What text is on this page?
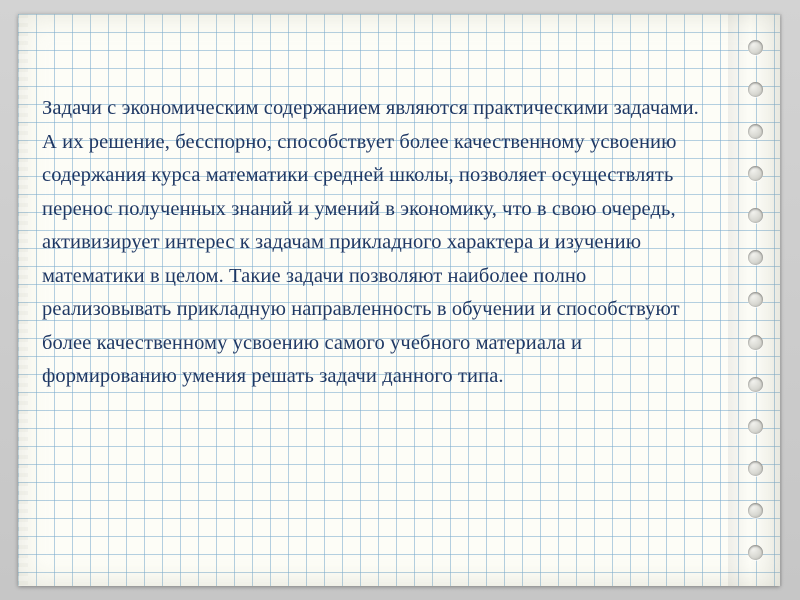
Задачи с экономическим содержанием являются практическими задачами. А их решение, бесспорно, способствует более качественному усвоению содержания курса математики средней школы, позволяет осуществлять перенос полученных знаний и умений в экономику, что в свою очередь, активизирует интерес к задачам прикладного характера и изучению математики в целом. Такие задачи позволяют наиболее полно реализовывать прикладную направленность в обучении и способствуют более качественному усвоению самого учебного материала и формированию умения решать задачи данного типа.
